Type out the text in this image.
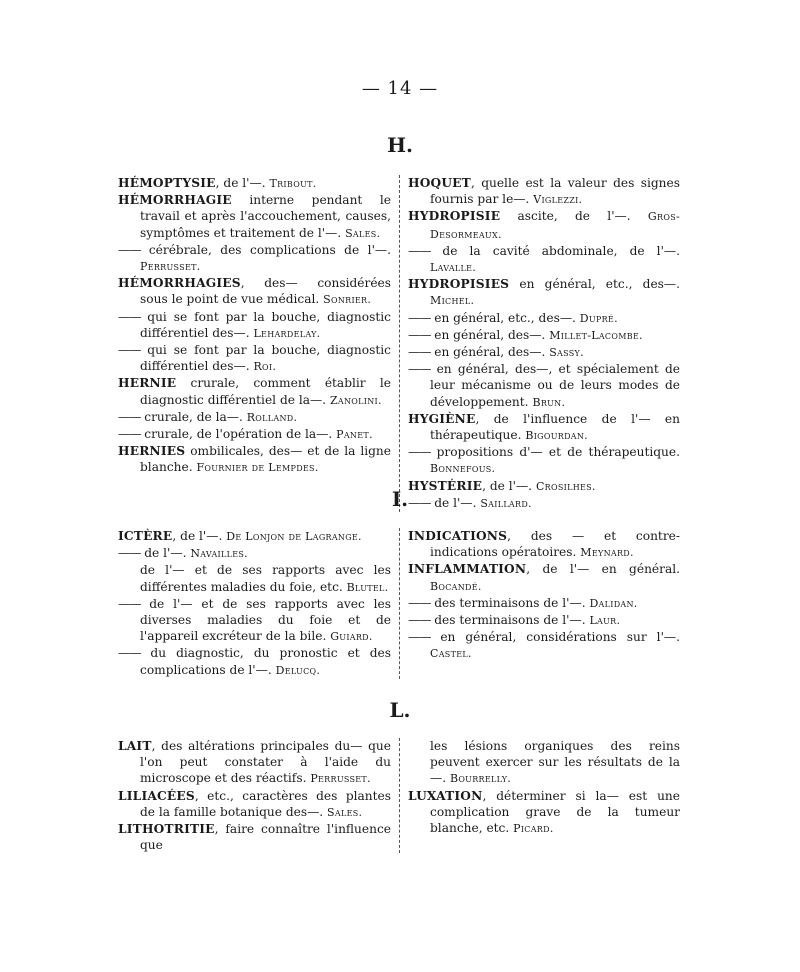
— 14 —
H.

HÉMOPTYSIE, de l'—. Tribout.

HÉMORRHAGIE interne pendant le travail et après l'accouchement, causes, symptômes et traitement de l'—. Sales.

—— cérébrale, des complications de l'—. Perrusset.

HÉMORRHAGIES, des— considérées sous le point de vue médical. Sonrier.

—— qui se font par la bouche, diagnostic différentiel des—. Lehardelay.

—— qui se font par la bouche, diagnostic différentiel des—. Roi.

HERNIE crurale, comment établir le diagnostic différentiel de la—. Zanolini.

—— crurale, de la—. Rolland.

—— crurale, de l'opération de la—. Panet.

HERNIES ombilicales, des— et de la ligne blanche. Fournier de Lempdes.

HOQUET, quelle est la valeur des signes fournis par le—. Viglezzi.

HYDROPISIE ascite, de l'—. Gros-Desormeaux.

—— de la cavité abdominale, de l'—. Lavalle.

HYDROPISIES en général, etc., des—. Michel.

—— en général, etc., des—. Dupré.

—— en général, des—. Millet-Lacombe.

—— en général, des—. Sassy.

—— en général, des—, et spécialement de leur mécanisme ou de leurs modes de développement. Brun.

HYGIÈNE, de l'influence de l'— en thérapeutique. Bigourdan.

—— propositions d'— et de thérapeutique. Bonnefous.

HYSTÉRIE, de l'—. Crosilhes.

—— de l'—. Saillard.

I.

ICTÈRE, de l'—. De Lonjon de Lagrange.

—— de l'—. Navailles.

de l'— et de ses rapports avec les différentes maladies du foie, etc. Blutel.

—— de l'— et de ses rapports avec les diverses maladies du foie et de l'appareil excréteur de la bile. Guiard.

—— du diagnostic, du pronostic et des complications de l'—. Delucq.

INDICATIONS, des — et contre-indications opératoires. Meynard.

INFLAMMATION, de l'— en général. Bocandé.

—— des terminaisons de l'—. Dalidan.

—— des terminaisons de l'—. Laur.

—— en général, considérations sur l'—. Castel.

L.

LAIT, des altérations principales du— que l'on peut constater à l'aide du microscope et des réactifs. Perrusset.

LILIACÉES, etc., caractères des plantes de la famille botanique des—. Sales.

LITHOTRITIE, faire connaître l'influence que

les lésions organiques des reins peuvent exercer sur les résultats de la—. Bourrelly.

LUXATION, déterminer si la— est une complication grave de la tumeur blanche, etc. Picard.
